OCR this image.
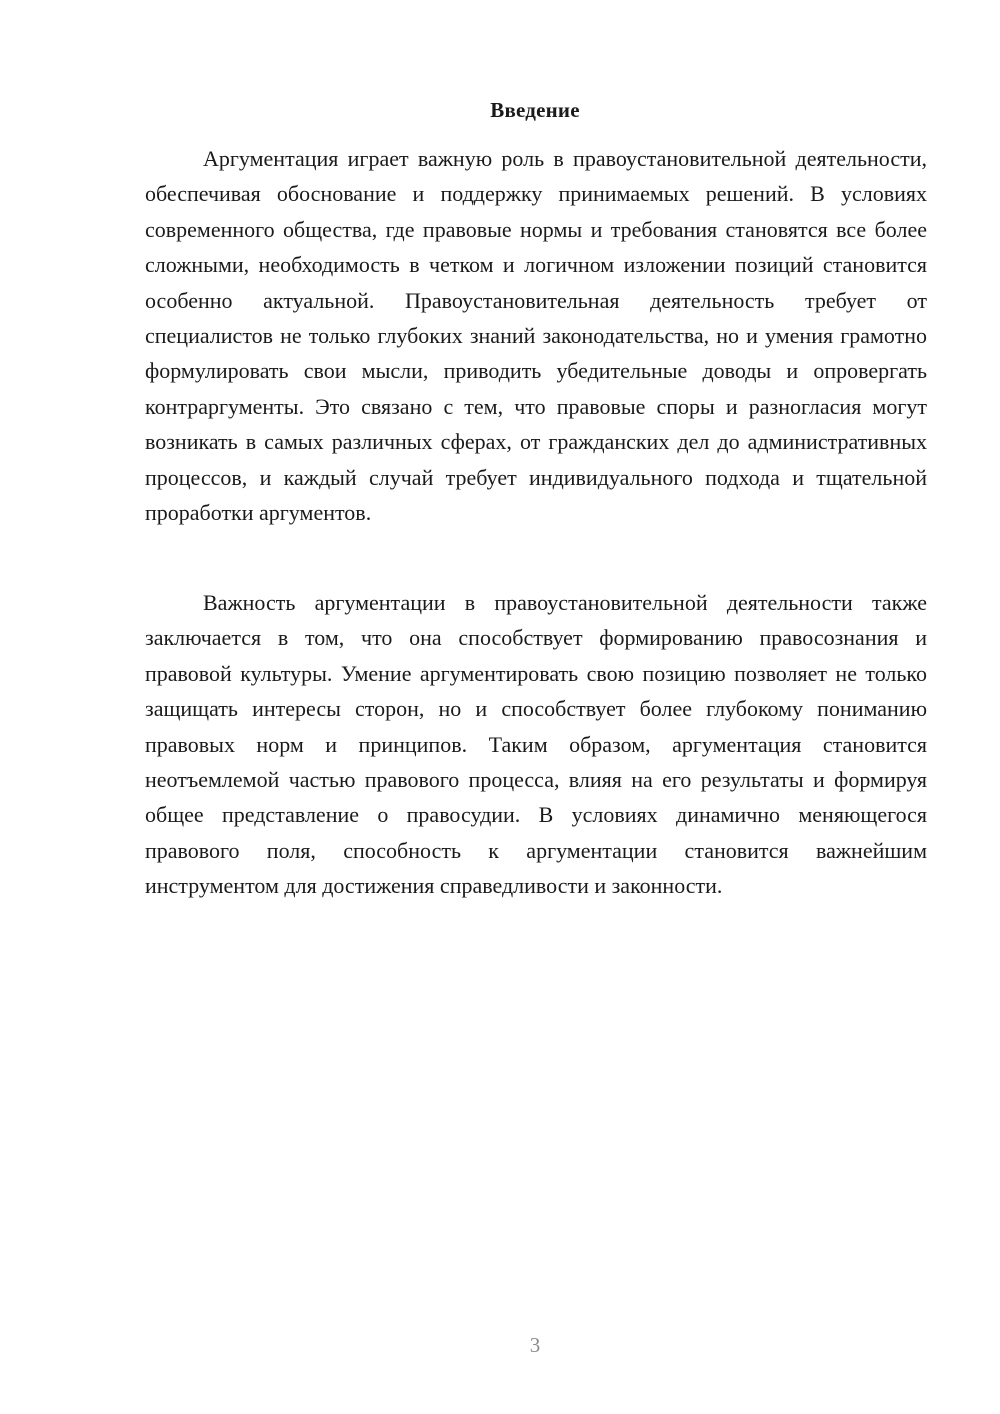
Введение

Аргументация играет важную роль в правоустановительной деятельности, обеспечивая обоснование и поддержку принимаемых решений. В условиях современного общества, где правовые нормы и требования становятся все более сложными, необходимость в четком и логичном изложении позиций становится особенно актуальной. Правоустановительная деятельность требует от специалистов не только глубоких знаний законодательства, но и умения грамотно формулировать свои мысли, приводить убедительные доводы и опровергать контраргументы. Это связано с тем, что правовые споры и разногласия могут возникать в самых различных сферах, от гражданских дел до административных процессов, и каждый случай требует индивидуального подхода и тщательной проработки аргументов.

Важность аргументации в правоустановительной деятельности также заключается в том, что она способствует формированию правосознания и правовой культуры. Умение аргументировать свою позицию позволяет не только защищать интересы сторон, но и способствует более глубокому пониманию правовых норм и принципов. Таким образом, аргументация становится неотъемлемой частью правового процесса, влияя на его результаты и формируя общее представление о правосудии. В условиях динамично меняющегося правового поля, способность к аргументации становится важнейшим инструментом для достижения справедливости и законности.

3
